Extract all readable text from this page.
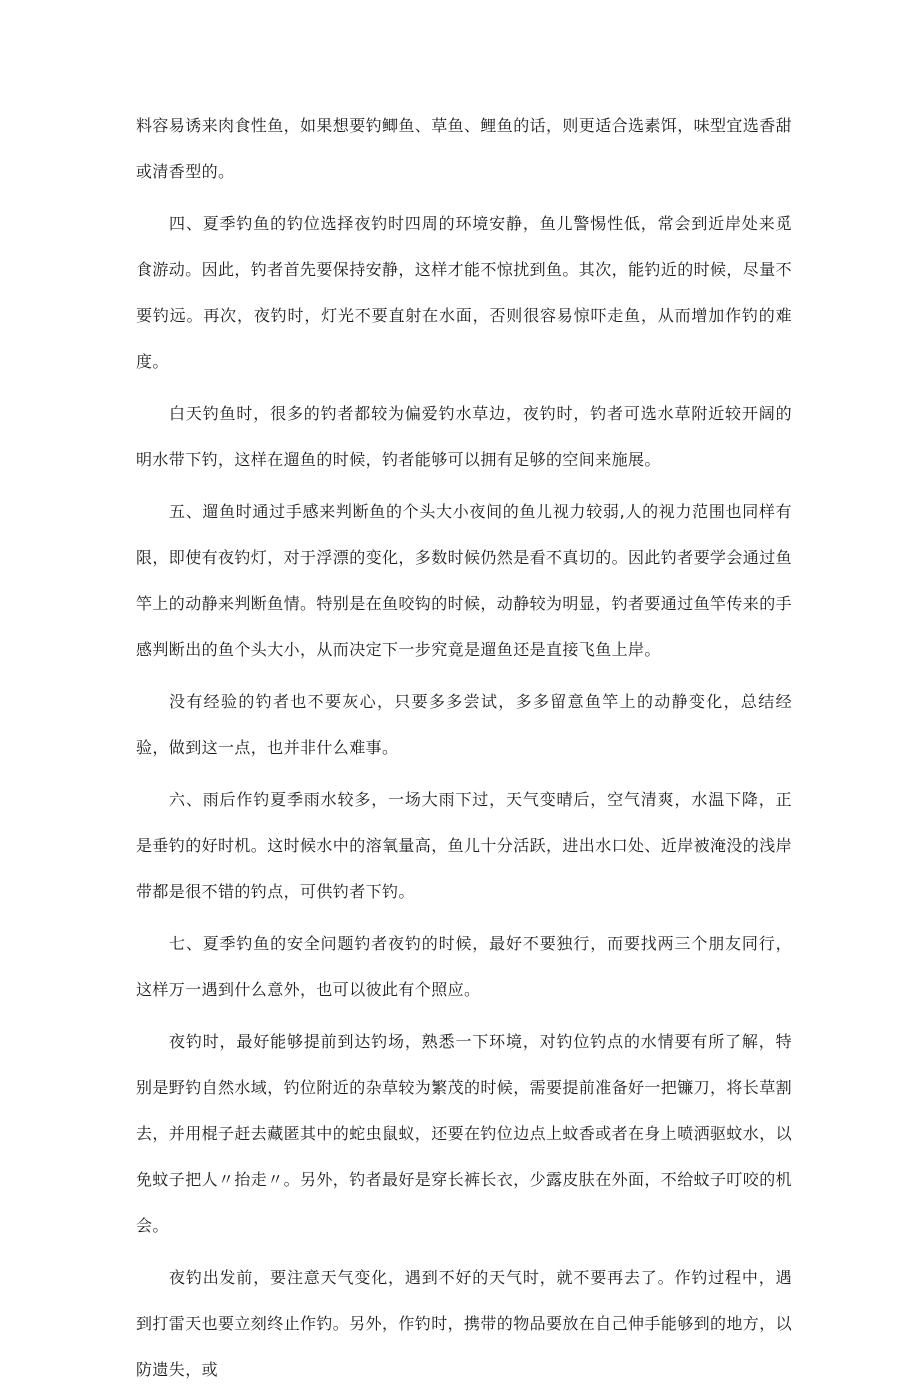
料容易诱来肉食性鱼，如果想要钓鲫鱼、草鱼、鲤鱼的话，则更适合选素饵，味型宜选香甜或清香型的。

四、夏季钓鱼的钓位选择夜钓时四周的环境安静，鱼儿警惕性低，常会到近岸处来觅食游动。因此，钓者首先要保持安静，这样才能不惊扰到鱼。其次，能钓近的时候，尽量不要钓远。再次，夜钓时，灯光不要直射在水面，否则很容易惊吓走鱼，从而增加作钓的难度。

白天钓鱼时，很多的钓者都较为偏爱钓水草边，夜钓时，钓者可选水草附近较开阔的明水带下钓，这样在遛鱼的时候，钓者能够可以拥有足够的空间来施展。

五、遛鱼时通过手感来判断鱼的个头大小夜间的鱼儿视力较弱,人的视力范围也同样有限，即使有夜钓灯，对于浮漂的变化，多数时候仍然是看不真切的。因此钓者要学会通过鱼竿上的动静来判断鱼情。特别是在鱼咬钩的时候，动静较为明显，钓者要通过鱼竿传来的手感判断出的鱼个头大小，从而决定下一步究竟是遛鱼还是直接飞鱼上岸。

没有经验的钓者也不要灰心，只要多多尝试，多多留意鱼竿上的动静变化，总结经验，做到这一点，也并非什么难事。

六、雨后作钓夏季雨水较多，一场大雨下过，天气变晴后，空气清爽，水温下降，正是垂钓的好时机。这时候水中的溶氧量高，鱼儿十分活跃，进出水口处、近岸被淹没的浅岸带都是很不错的钓点，可供钓者下钓。

七、夏季钓鱼的安全问题钓者夜钓的时候，最好不要独行，而要找两三个朋友同行，这样万一遇到什么意外，也可以彼此有个照应。

夜钓时，最好能够提前到达钓场，熟悉一下环境，对钓位钓点的水情要有所了解，特别是野钓自然水域，钓位附近的杂草较为繁茂的时候，需要提前准备好一把镰刀，将长草割去，并用棍子赶去藏匿其中的蛇虫鼠蚁，还要在钓位边点上蚊香或者在身上喷洒驱蚊水，以免蚊子把人〃抬走〃。另外，钓者最好是穿长裤长衣，少露皮肤在外面，不给蚊子叮咬的机会。

夜钓出发前，要注意天气变化，遇到不好的天气时，就不要再去了。作钓过程中，遇到打雷天也要立刻终止作钓。另外，作钓时，携带的物品要放在自己伸手能够到的地方，以防遗失，或
